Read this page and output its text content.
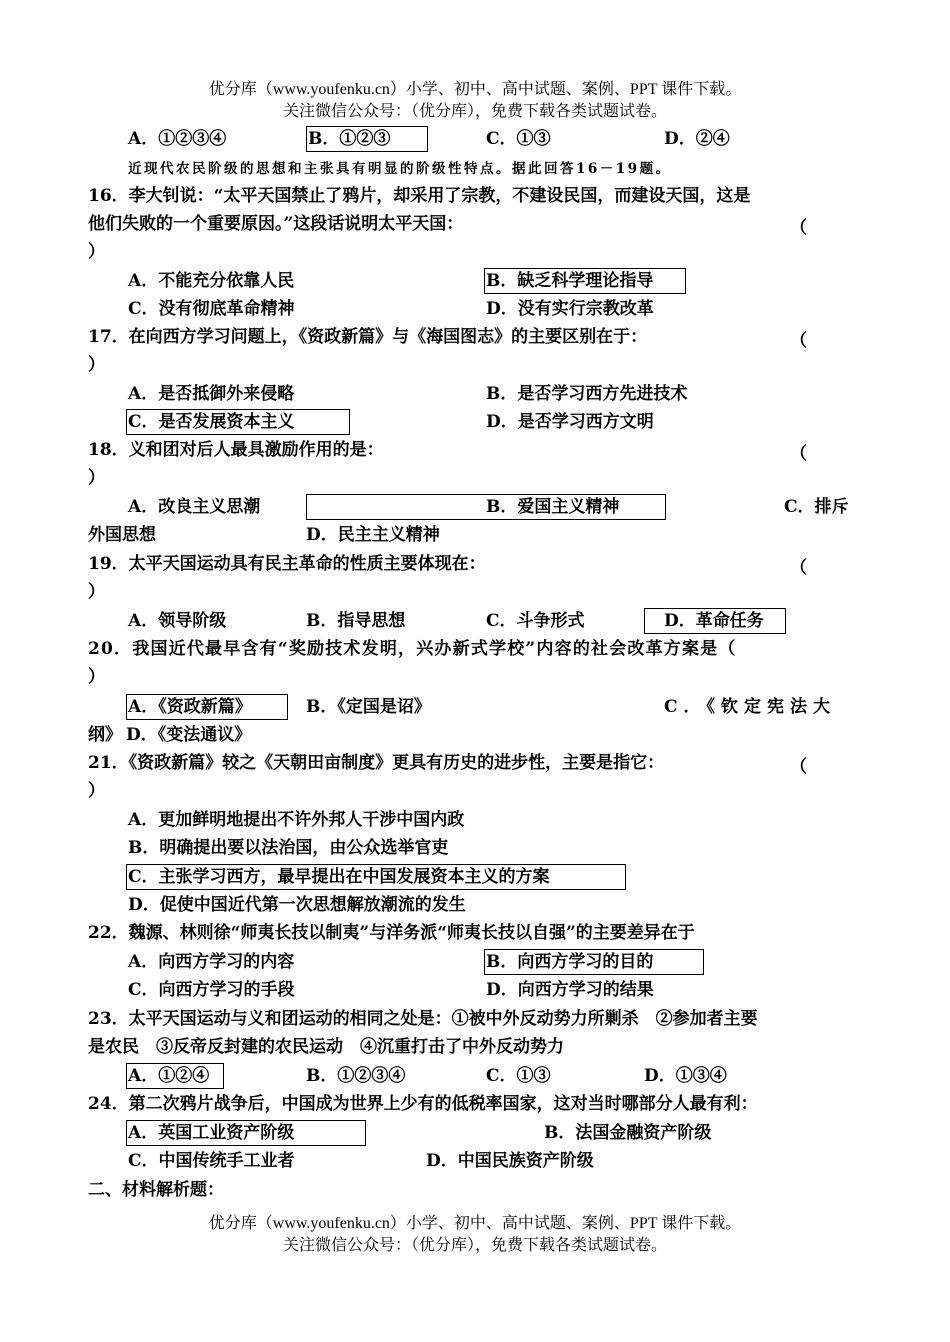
优分库（www.youfenku.cn）小学、初中、高中试题、案例、PPT 课件下载。
关注微信公众号：（优分库），免费下载各类试题试卷。
A．①②③④	B．①②③	C．①③	D．②④
近现代农民阶级的思想和主张具有明显的阶级性特点。据此回答16－19题。
16．李大钊说：“太平天国禁止了鸦片，却采用了宗教，不建设民国，而建设天国，这是
他们失败的一个重要原因。”这段话说明太平天国：	（
）
A．不能充分依靠人民	B．缺乏科学理论指导
C．没有彻底革命精神	D．没有实行宗教改革
17．在向西方学习问题上，《资政新篇》与《海国图志》的主要区别在于：	（
）
A．是否抵御外来侵略	B．是否学习西方先进技术
C．是否发展资本主义	D．是否学习西方文明
18．义和团对后人最具激励作用的是：	（
）
A．改良主义思潮	B．爱国主义精神	C．排斥
外国思想	D．民主主义精神
19．太平天国运动具有民主革命的性质主要体现在：	（
）
A．领导阶级	B．指导思想	C．斗争形式	D．革命任务
20．我国近代最早含有“奖励技术发明，兴办新式学校”内容的社会改革方案是（
）
A．《资政新篇》	B．《定国是诏》	C．《钦定宪法大
纲》 D．《变法通议》
21．《资政新篇》较之《天朝田亩制度》更具有历史的进步性，主要是指它：	（
）
A．更加鲜明地提出不许外邦人干涉中国内政
B．明确提出要以法治国，由公众选举官吏
C．主张学习西方，最早提出在中国发展资本主义的方案
D．促使中国近代第一次思想解放潮流的发生
22．魏源、林则徐“师夷长技以制夷”与洋务派“师夷长技以自强”的主要差异在于
A．向西方学习的内容	B．向西方学习的目的
C．向西方学习的手段	D．向西方学习的结果
23．太平天国运动与义和团运动的相同之处是：①被中外反动势力所剿杀　②参加者主要
是农民　③反帝反封建的农民运动　④沉重打击了中外反动势力
A．①②④	B．①②③④	C．①③	D．①③④
24．第二次鸦片战争后，中国成为世界上少有的低税率国家，这对当时哪部分人最有利：
A．英国工业资产阶级	B．法国金融资产阶级
C．中国传统手工业者	D．中国民族资产阶级
二、材料解析题：
优分库（www.youfenku.cn）小学、初中、高中试题、案例、PPT 课件下载。
关注微信公众号：（优分库），免费下载各类试题试卷。
